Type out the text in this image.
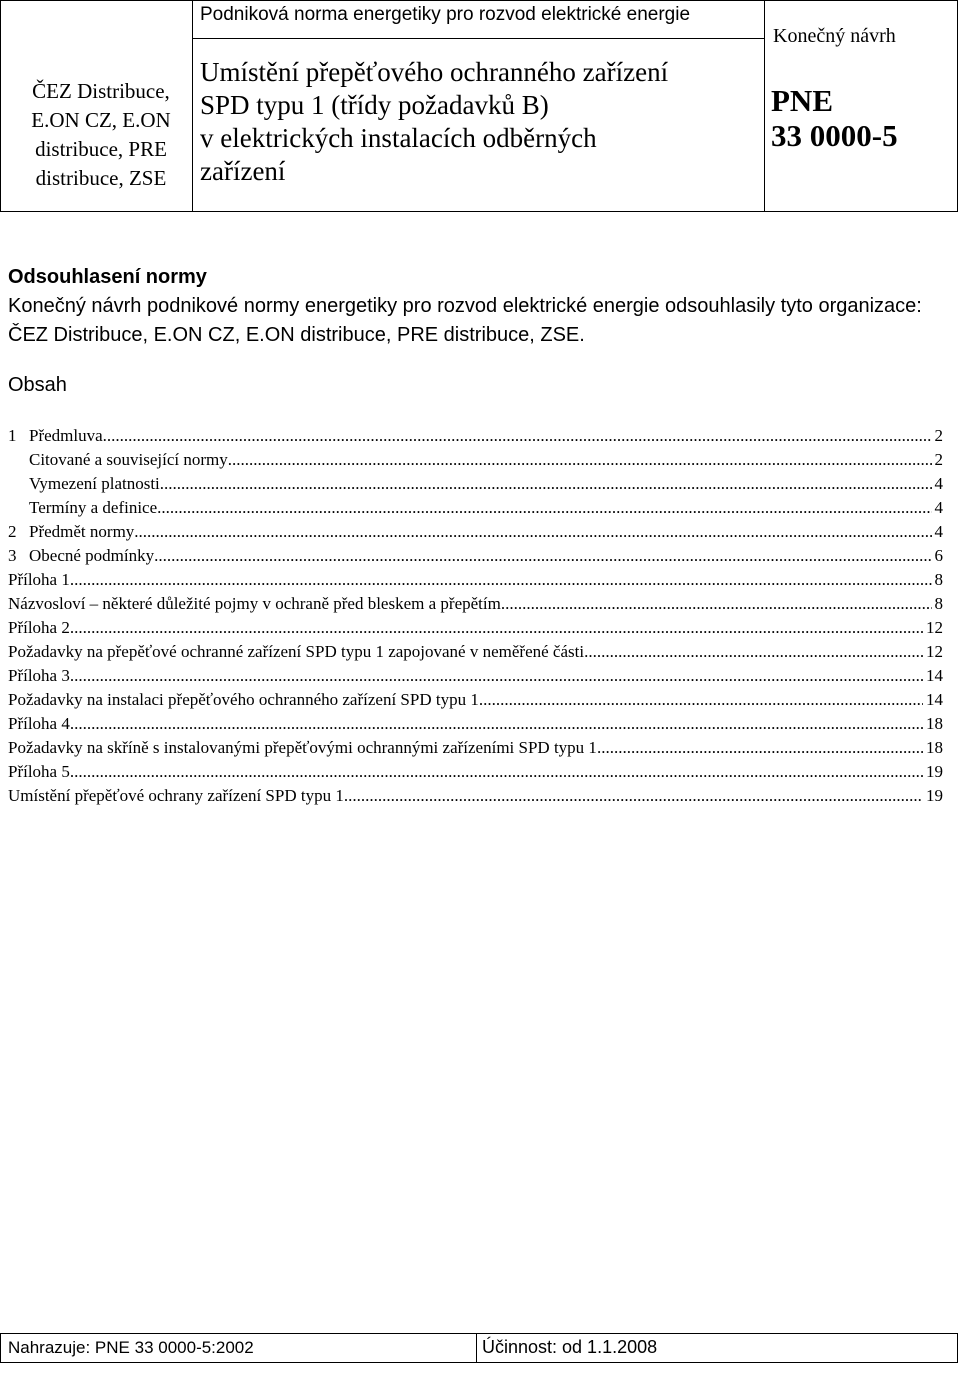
ČEZ Distribuce,
E.ON CZ, E.ON
distribuce, PRE
distribuce, ZSE
Podniková norma energetiky pro rozvod elektrické energie
Umístění přepěťového ochranného zařízení
SPD typu 1 (třídy požadavků B)
v elektrických instalacích odběrných
zařízení
Konečný návrh
PNE
33 0000-5

Odsouhlasení normy

Konečný návrh podnikové normy energetiky pro rozvod elektrické energie odsouhlasily tyto organizace: ČEZ Distribuce, E.ON CZ, E.ON distribuce, PRE distribuce, ZSE.

Obsah

1 Předmluva .....	2
Citované a související normy .....	2
Vymezení platnosti .....	4
Termíny a definice .....	4
2 Předmět normy .....	4
3 Obecné podmínky .....	6
Příloha 1 .....	8
Názvosloví – některé důležité pojmy v ochraně před bleskem a přepětím. .....	8
Příloha 2 .....	12
Požadavky na přepěťové ochranné zařízení SPD typu 1 zapojované v neměřené části .....	12
Příloha 3 .....	14
Požadavky na instalaci přepěťového ochranného zařízení SPD typu 1 .....	14
Příloha 4 .....	18
Požadavky na skříně s instalovanými přepěťovými ochrannými zařízeními SPD typu 1 .....	18
Příloha 5 .....	19
Umístění přepěťové ochrany zařízení SPD typu 1 .....	19
Nahrazuje: PNE 33 0000-5:2002	Účinnost: od 1.1.2008
